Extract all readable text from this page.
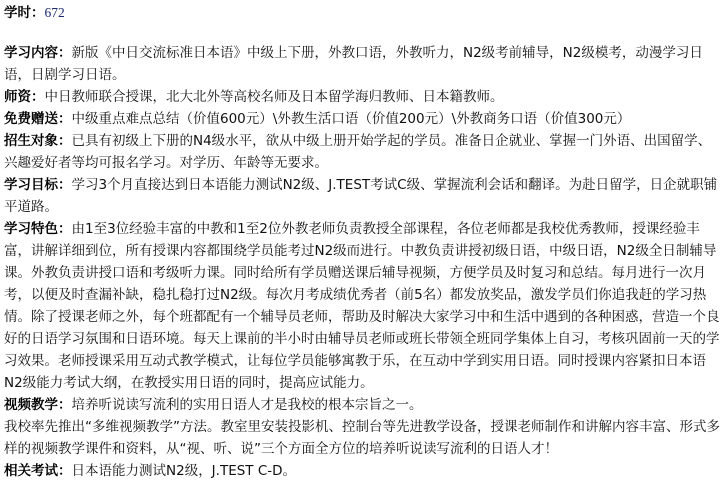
学时：672

学习内容：新版《中日交流标准日本语》中级上下册，外教口语，外教听力，N2级考前辅导，N2级模考，动漫学习日语，日剧学习日语。

师资：中日教师联合授课，北大北外等高校名师及日本留学海归教师、日本籍教师。

免费赠送：中级重点难点总结（价值600元）\外教生活口语（价值200元）\外教商务口语（价值300元）

招生对象：已具有初级上下册的N4级水平，欲从中级上册开始学起的学员。准备日企就业、掌握一门外语、出国留学、兴趣爱好者等均可报名学习。对学历、年龄等无要求。

学习目标：学习3个月直接达到日本语能力测试N2级、J.TEST考试C级、掌握流利会话和翻译。为赴日留学，日企就职铺平道路。

学习特色：由1至3位经验丰富的中教和1至2位外教老师负责教授全部课程，各位老师都是我校优秀教师，授课经验丰富，讲解详细到位，所有授课内容都围绕学员能考过N2级而进行。中教负责讲授初级日语，中级日语，N2级全日制辅导课。外教负责讲授口语和考级听力课。同时给所有学员赠送课后辅导视频，方便学员及时复习和总结。每月进行一次月考，以便及时查漏补缺，稳扎稳打过N2级。每次月考成绩优秀者（前5名）都发放奖品，激发学员们你追我赶的学习热情。除了授课老师之外，每个班都配有一个辅导员老师，帮助及时解决大家学习中和生活中遇到的各种困惑，营造一个良好的日语学习氛围和日语环境。每天上课前的半小时由辅导员老师或班长带领全班同学集体上自习，考核巩固前一天的学习效果。老师授课采用互动式教学模式，让每位学员能够寓教于乐，在互动中学到实用日语。同时授课内容紧扣日本语N2级能力考试大纲，在教授实用日语的同时，提高应试能力。

视频教学：培养听说读写流利的实用日语人才是我校的根本宗旨之一。

我校率先推出“多维视频教学”方法。教室里安装投影机、控制台等先进教学设备，授课老师制作和讲解内容丰富、形式多样的视频教学课件和资料，从“视、听、说”三个方面全方位的培养听说读写流利的日语人才！

相关考试：日本语能力测试N2级，J.TEST C-D。
